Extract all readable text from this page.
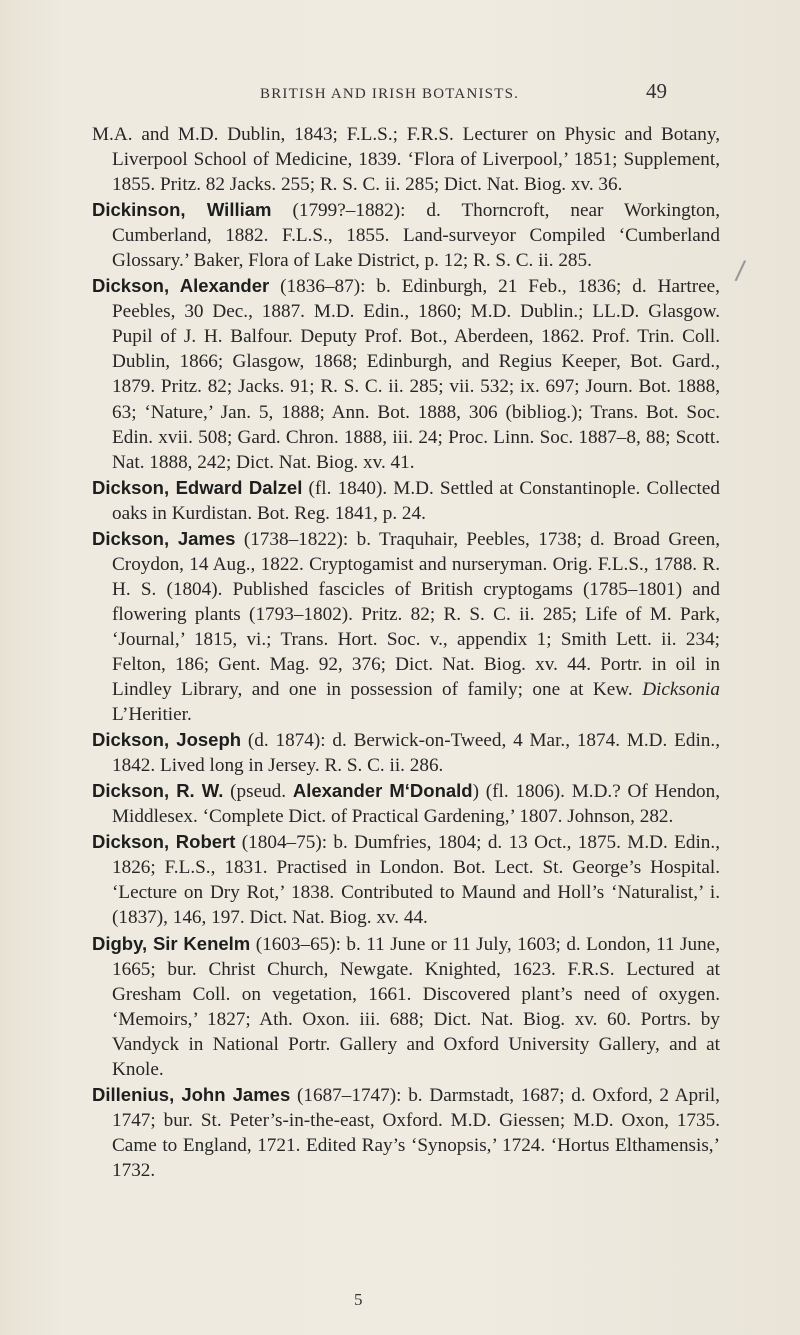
BRITISH AND IRISH BOTANISTS.	49
/

M.A. and M.D. Dublin, 1843; F.L.S.; F.R.S. Lecturer on Physic and Botany, Liverpool School of Medicine, 1839. ‘Flora of Liverpool,’ 1851; Supplement, 1855. Pritz. 82 Jacks. 255; R. S. C. ii. 285; Dict. Nat. Biog. xv. 36.

Dickinson, William (1799?–1882): d. Thorncroft, near Workington, Cumberland, 1882. F.L.S., 1855. Land-surveyor Compiled ‘Cumberland Glossary.’ Baker, Flora of Lake District, p. 12; R. S. C. ii. 285.

Dickson, Alexander (1836–87): b. Edinburgh, 21 Feb., 1836; d. Hartree, Peebles, 30 Dec., 1887. M.D. Edin., 1860; M.D. Dublin.; LL.D. Glasgow. Pupil of J. H. Balfour. Deputy Prof. Bot., Aberdeen, 1862. Prof. Trin. Coll. Dublin, 1866; Glasgow, 1868; Edinburgh, and Regius Keeper, Bot. Gard., 1879. Pritz. 82; Jacks. 91; R. S. C. ii. 285; vii. 532; ix. 697; Journ. Bot. 1888, 63; ‘Nature,’ Jan. 5, 1888; Ann. Bot. 1888, 306 (bibliog.); Trans. Bot. Soc. Edin. xvii. 508; Gard. Chron. 1888, iii. 24; Proc. Linn. Soc. 1887–8, 88; Scott. Nat. 1888, 242; Dict. Nat. Biog. xv. 41.

Dickson, Edward Dalzel (fl. 1840). M.D. Settled at Constantinople. Collected oaks in Kurdistan. Bot. Reg. 1841, p. 24.

Dickson, James (1738–1822): b. Traquhair, Peebles, 1738; d. Broad Green, Croydon, 14 Aug., 1822. Cryptogamist and nurseryman. Orig. F.L.S., 1788. R. H. S. (1804). Published fascicles of British cryptogams (1785–1801) and flowering plants (1793–1802). Pritz. 82; R. S. C. ii. 285; Life of M. Park, ‘Journal,’ 1815, vi.; Trans. Hort. Soc. v., appendix 1; Smith Lett. ii. 234; Felton, 186; Gent. Mag. 92, 376; Dict. Nat. Biog. xv. 44. Portr. in oil in Lindley Library, and one in possession of family; one at Kew. Dicksonia L’Heritier.

Dickson, Joseph (d. 1874): d. Berwick-on-Tweed, 4 Mar., 1874. M.D. Edin., 1842. Lived long in Jersey. R. S. C. ii. 286.

Dickson, R. W. (pseud. Alexander M‘Donald) (fl. 1806). M.D.? Of Hendon, Middlesex. ‘Complete Dict. of Practical Gardening,’ 1807. Johnson, 282.

Dickson, Robert (1804–75): b. Dumfries, 1804; d. 13 Oct., 1875. M.D. Edin., 1826; F.L.S., 1831. Practised in London. Bot. Lect. St. George’s Hospital. ‘Lecture on Dry Rot,’ 1838. Contributed to Maund and Holl’s ‘Naturalist,’ i. (1837), 146, 197. Dict. Nat. Biog. xv. 44.

Digby, Sir Kenelm (1603–65): b. 11 June or 11 July, 1603; d. London, 11 June, 1665; bur. Christ Church, Newgate. Knighted, 1623. F.R.S. Lectured at Gresham Coll. on vegetation, 1661. Discovered plant’s need of oxygen. ‘Memoirs,’ 1827; Ath. Oxon. iii. 688; Dict. Nat. Biog. xv. 60. Portrs. by Vandyck in National Portr. Gallery and Oxford University Gallery, and at Knole.

Dillenius, John James (1687–1747): b. Darmstadt, 1687; d. Oxford, 2 April, 1747; bur. St. Peter’s-in-the-east, Oxford. M.D. Giessen; M.D. Oxon, 1735. Came to England, 1721. Edited Ray’s ‘Synopsis,’ 1724. ‘Hortus Elthamensis,’ 1732.

5
